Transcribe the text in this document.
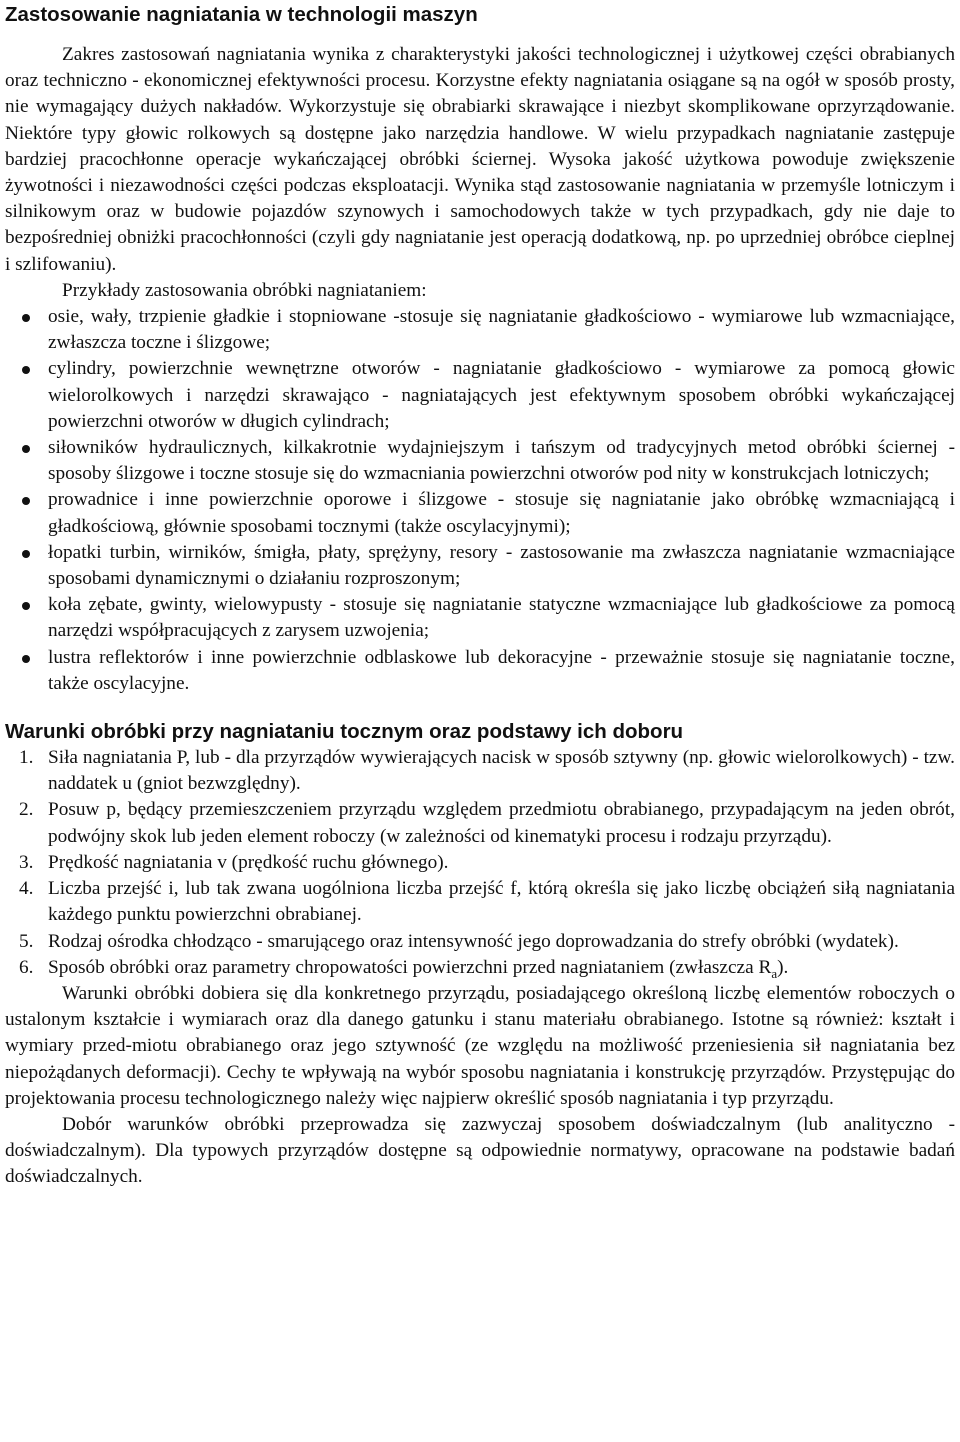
Zastosowanie nagniatania w technologii maszyn

Zakres zastosowań nagniatania wynika z charakterystyki jakości technologicznej i użytkowej części obrabianych oraz techniczno - ekonomicznej efektywności procesu. Korzystne efekty nagniatania osiągane są na ogół w sposób prosty, nie wymagający dużych nakładów. Wykorzystuje się obrabiarki skrawające i niezbyt skomplikowane oprzyrządowanie. Niektóre typy głowic rolkowych są dostępne jako narzędzia handlowe. W wielu przypadkach nagniatanie zastępuje bardziej pracochłonne operacje wykańczającej obróbki ściernej. Wysoka jakość użytkowa powoduje zwiększenie żywotności i niezawodności części podczas eksploatacji. Wynika stąd zastosowanie nagniatania w przemyśle lotniczym i silnikowym oraz w budowie pojazdów szynowych i samochodowych także w tych przypadkach, gdy nie daje to bezpośredniej obniżki pracochłonności (czyli gdy nagniatanie jest operacją dodatkową, np. po uprzedniej obróbce cieplnej i szlifowaniu).

Przykłady zastosowania obróbki nagniataniem:

osie, wały, trzpienie gładkie i stopniowane -stosuje się nagniatanie gładkościowo - wymiarowe lub wzmacniające, zwłaszcza toczne i ślizgowe;
cylindry, powierzchnie wewnętrzne otworów - nagniatanie gładkościowo - wymiarowe za pomocą głowic wielorolkowych i narzędzi skrawająco - nagniatających jest efektywnym sposobem obróbki wykańczającej powierzchni otworów w długich cylindrach;
siłowników hydraulicznych, kilkakrotnie wydajniejszym i tańszym od tradycyjnych metod obróbki ściernej - sposoby ślizgowe i toczne stosuje się do wzmacniania powierzchni otworów pod nity w konstrukcjach lotniczych;
prowadnice i inne powierzchnie oporowe i ślizgowe - stosuje się nagniatanie jako obróbkę wzmacniającą i gładkościową, głównie sposobami tocznymi (także oscylacyjnymi);
łopatki turbin, wirników, śmigła, płaty, sprężyny, resory - zastosowanie ma zwłaszcza nagniatanie wzmacniające sposobami dynamicznymi o działaniu rozproszonym;
koła zębate, gwinty, wielowypusty - stosuje się nagniatanie statyczne wzmacniające lub gładkościowe za pomocą narzędzi współpracujących z zarysem uzwojenia;
lustra reflektorów i inne powierzchnie odblaskowe lub dekoracyjne - przeważnie stosuje się nagniatanie toczne, także oscylacyjne.
Warunki obróbki przy nagniataniu tocznym oraz podstawy ich doboru
1. Siła nagniatania P, lub - dla przyrządów wywierających nacisk w sposób sztywny (np. głowic wielorolkowych) - tzw. naddatek u (gniot bezwzględny).
2. Posuw p, będący przemieszczeniem przyrządu względem przedmiotu obrabianego, przypadającym na jeden obrót, podwójny skok lub jeden element roboczy (w zależności od kinematyki procesu i rodzaju przyrządu).
3. Prędkość nagniatania v (prędkość ruchu głównego).
4. Liczba przejść i, lub tak zwana uogólniona liczba przejść f, którą określa się jako liczbę obciążeń siłą nagniatania każdego punktu powierzchni obrabianej.
5. Rodzaj ośrodka chłodząco - smarującego oraz intensywność jego doprowadzania do strefy obróbki (wydatek).
6. Sposób obróbki oraz parametry chropowatości powierzchni przed nagniataniem (zwłaszcza $R_a$).

Warunki obróbki dobiera się dla konkretnego przyrządu, posiadającego określoną liczbę elementów roboczych o ustalonym kształcie i wymiarach oraz dla danego gatunku i stanu materiału obrabianego. Istotne są również: kształt i wymiary przed-miotu obrabianego oraz jego sztywność (ze względu na możliwość przeniesienia sił nagniatania bez niepożądanych deformacji). Cechy te wpływają na wybór sposobu nagniatania i konstrukcję przyrządów. Przystępując do projektowania procesu technologicznego należy więc najpierw określić sposób nagniatania i typ przyrządu.

Dobór warunków obróbki przeprowadza się zazwyczaj sposobem doświadczalnym (lub analityczno - doświadczalnym). Dla typowych przyrządów dostępne są odpowiednie normatywy, opracowane na podstawie badań doświadczalnych.
